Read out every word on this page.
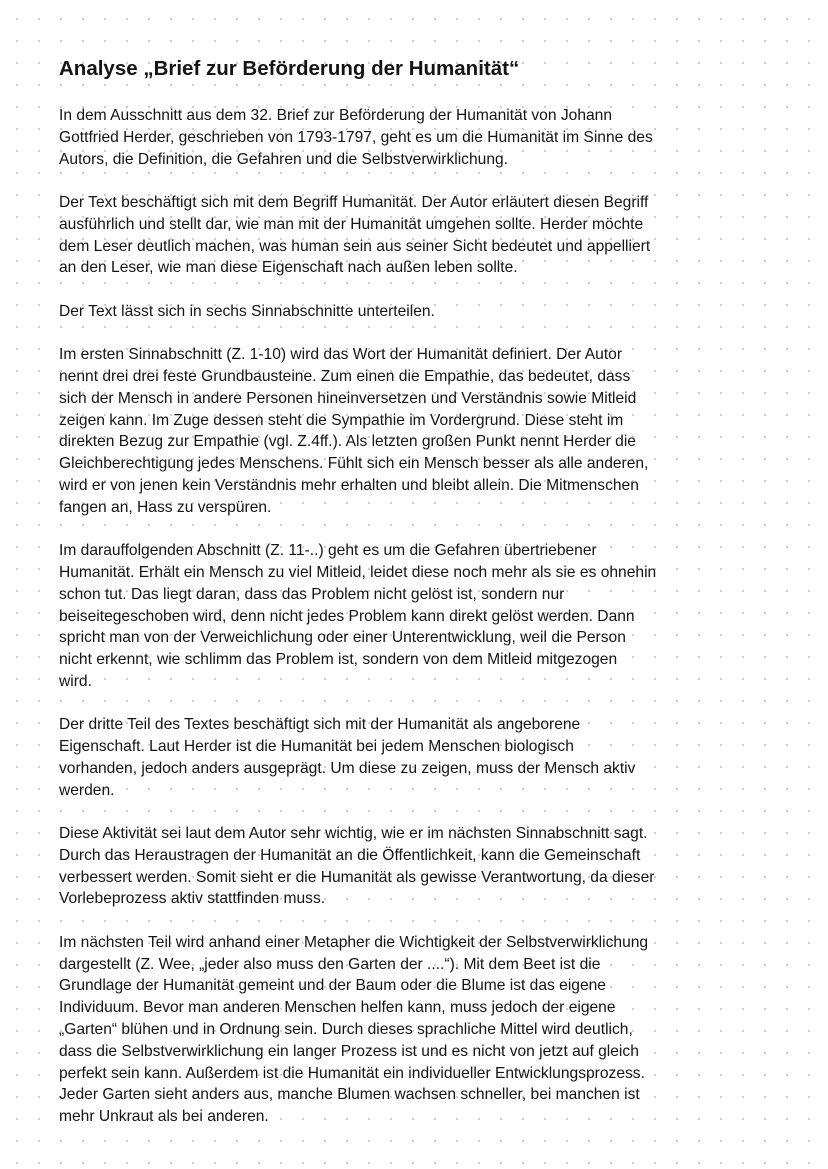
Analyse „Brief zur Beförderung der Humanität“

In dem Ausschnitt aus dem 32. Brief zur Beförderung der Humanität von Johann
Gottfried Herder, geschrieben von 1793-1797, geht es um die Humanität im Sinne des
Autors, die Definition, die Gefahren und die Selbstverwirklichung.

Der Text beschäftigt sich mit dem Begriff Humanität. Der Autor erläutert diesen Begriff
ausführlich und stellt dar, wie man mit der Humanität umgehen sollte. Herder möchte
dem Leser deutlich machen, was human sein aus seiner Sicht bedeutet und appelliert
an den Leser, wie man diese Eigenschaft nach außen leben sollte.

Der Text lässt sich in sechs Sinnabschnitte unterteilen.

Im ersten Sinnabschnitt (Z. 1-10) wird das Wort der Humanität definiert. Der Autor
nennt drei drei feste Grundbausteine. Zum einen die Empathie, das bedeutet, dass
sich der Mensch in andere Personen hineinversetzen und Verständnis sowie Mitleid
zeigen kann. Im Zuge dessen steht die Sympathie im Vordergrund. Diese steht im
direkten Bezug zur Empathie (vgl. Z.4ff.). Als letzten großen Punkt nennt Herder die
Gleichberechtigung jedes Menschens. Fühlt sich ein Mensch besser als alle anderen,
wird er von jenen kein Verständnis mehr erhalten und bleibt allein. Die Mitmenschen
fangen an, Hass zu verspüren.

Im darauffolgenden Abschnitt (Z. 11-..) geht es um die Gefahren übertriebener
Humanität. Erhält ein Mensch zu viel Mitleid, leidet diese noch mehr als sie es ohnehin
schon tut. Das liegt daran, dass das Problem nicht gelöst ist, sondern nur
beiseitegeschoben wird, denn nicht jedes Problem kann direkt gelöst werden. Dann
spricht man von der Verweichlichung oder einer Unterentwicklung, weil die Person
nicht erkennt, wie schlimm das Problem ist, sondern von dem Mitleid mitgezogen
wird.

Der dritte Teil des Textes beschäftigt sich mit der Humanität als angeborene
Eigenschaft. Laut Herder ist die Humanität bei jedem Menschen biologisch
vorhanden, jedoch anders ausgeprägt. Um diese zu zeigen, muss der Mensch aktiv
werden.

Diese Aktivität sei laut dem Autor sehr wichtig, wie er im nächsten Sinnabschnitt sagt.
Durch das Heraustragen der Humanität an die Öffentlichkeit, kann die Gemeinschaft
verbessert werden. Somit sieht er die Humanität als gewisse Verantwortung, da dieser
Vorlebeprozess aktiv stattfinden muss.

Im nächsten Teil wird anhand einer Metapher die Wichtigkeit der Selbstverwirklichung
dargestellt (Z. Wee, „jeder also muss den Garten der ....“). Mit dem Beet ist die
Grundlage der Humanität gemeint und der Baum oder die Blume ist das eigene
Individuum. Bevor man anderen Menschen helfen kann, muss jedoch der eigene
„Garten“ blühen und in Ordnung sein. Durch dieses sprachliche Mittel wird deutlich,
dass die Selbstverwirklichung ein langer Prozess ist und es nicht von jetzt auf gleich
perfekt sein kann. Außerdem ist die Humanität ein individueller Entwicklungsprozess.
Jeder Garten sieht anders aus, manche Blumen wachsen schneller, bei manchen ist
mehr Unkraut als bei anderen.
